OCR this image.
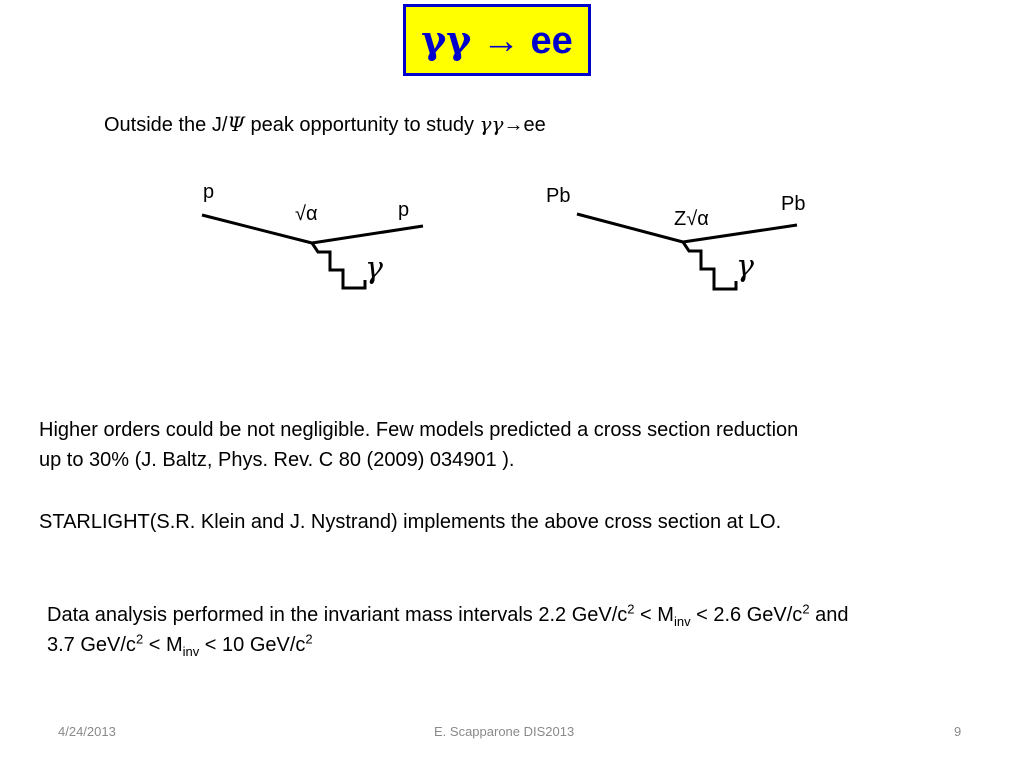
γγ → ee
Outside the J/Ψ peak opportunity to study γγ→ee
p
p
√α
γ
Pb	Pb
Z√α
γ
Higher orders could be not negligible. Few models predicted a cross section reduction
up to 30% (J. Baltz, Phys. Rev. C 80 (2009) 034901 ).
STARLIGHT(S.R. Klein and J. Nystrand) implements the above cross section at LO.
Data analysis performed in the invariant mass intervals 2.2 GeV/$c^2 < M_{inv} < 2.6$ GeV/$c^2$ and
3.7 GeV/$c^2 < M_{inv} < 10$ GeV/$c^2$
4/24/2013	E. Scapparone DIS2013	9
